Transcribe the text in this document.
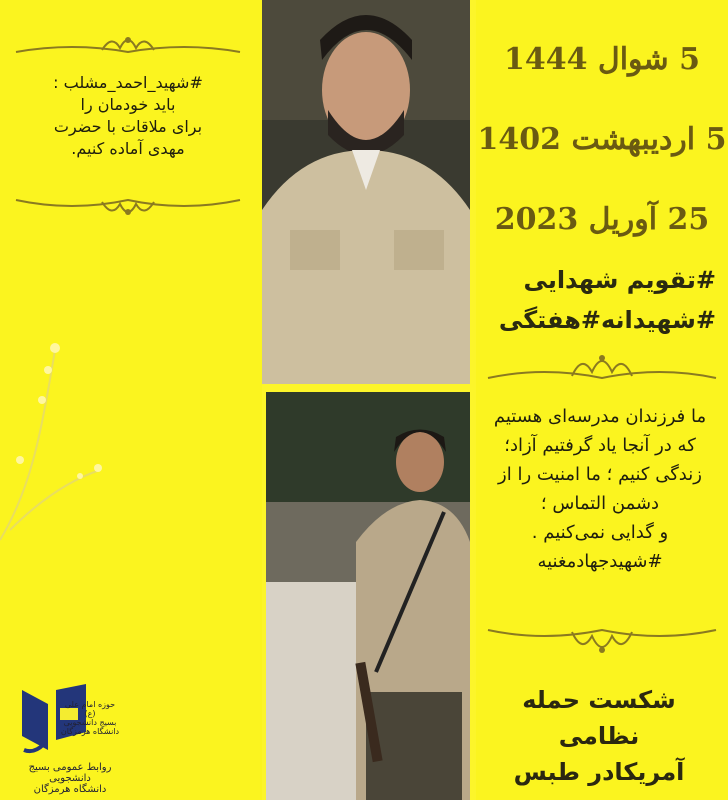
#شهید_احمد_مشلب :
باید خودمان را
برای ملاقات با حضرت
مهدی آماده کنیم.
حوزه امام علی (ع)
بسیج دانشجویی
دانشگاه هرمزگان
روابط عمومی بسیج دانشجویی
دانشگاه هرمزگان
5 شوال 1444
5 اردیبهشت 1402
25 آوریل 2023
#تقویم شهدایی
#شهیدانه#هفتگی
ما فرزندان مدرسه‌ای هستیم
که در آنجا یاد گرفتیم آزاد؛
زندگی کنیم ؛ ما امنیت را از
دشمن التماس ؛
و گدایی نمی‌کنیم .
#شهیدجهادمغنیه
شکست حمله نظامی
آمریکادر طبس
